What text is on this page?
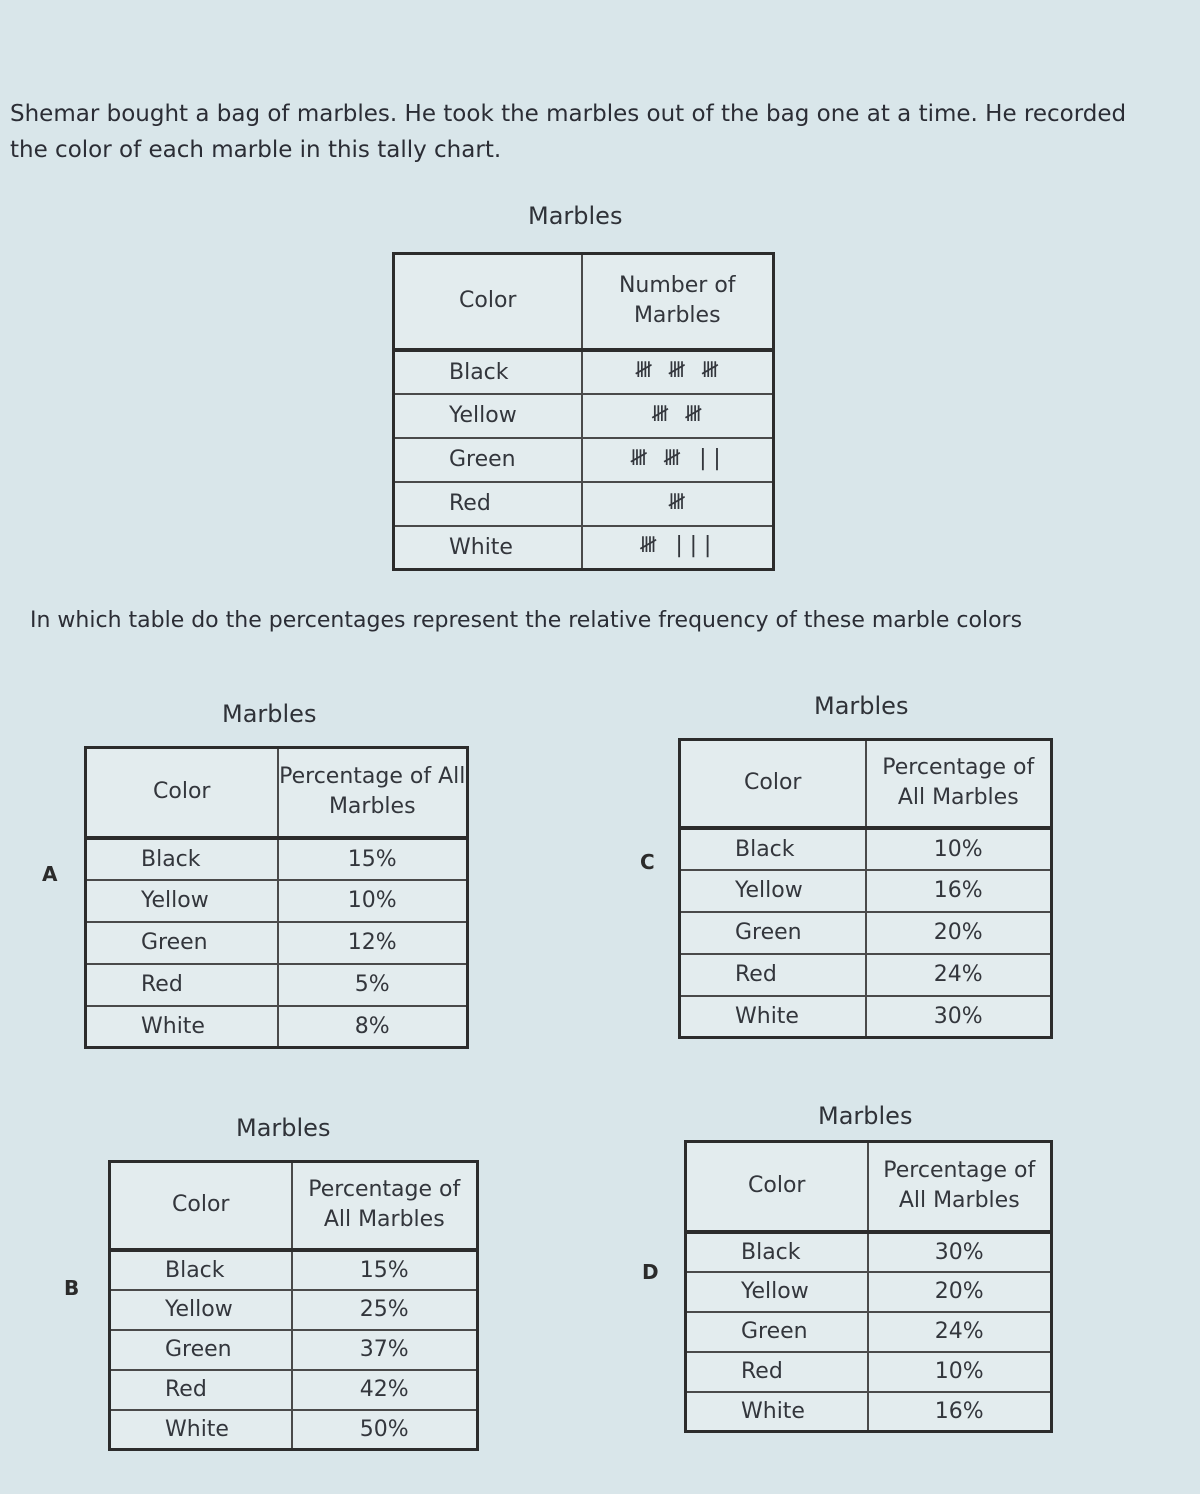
Shemar bought a bag of marbles. He took the marbles out of the bag one at a time. He recorded the color of each marble in this tally chart.
Marbles
Color	Number of Marbles
Black	𝍸 𝍸 𝍸
Yellow	𝍸 𝍸
Green	𝍸 𝍸 ||
Red	𝍸
White	𝍸 |||
In which table do the percentages represent the relative frequency of these marble colors
Marbles
A
Color	Percentage of All Marbles
Black	15%
Yellow	10%
Green	12%
Red	5%
White	8%
Marbles
C
Color	Percentage of All Marbles
Black	10%
Yellow	16%
Green	20%
Red	24%
White	30%
Marbles
B
Color	Percentage of All Marbles
Black	15%
Yellow	25%
Green	37%
Red	42%
White	50%
Marbles
D
Color	Percentage of All Marbles
Black	30%
Yellow	20%
Green	24%
Red	10%
White	16%
